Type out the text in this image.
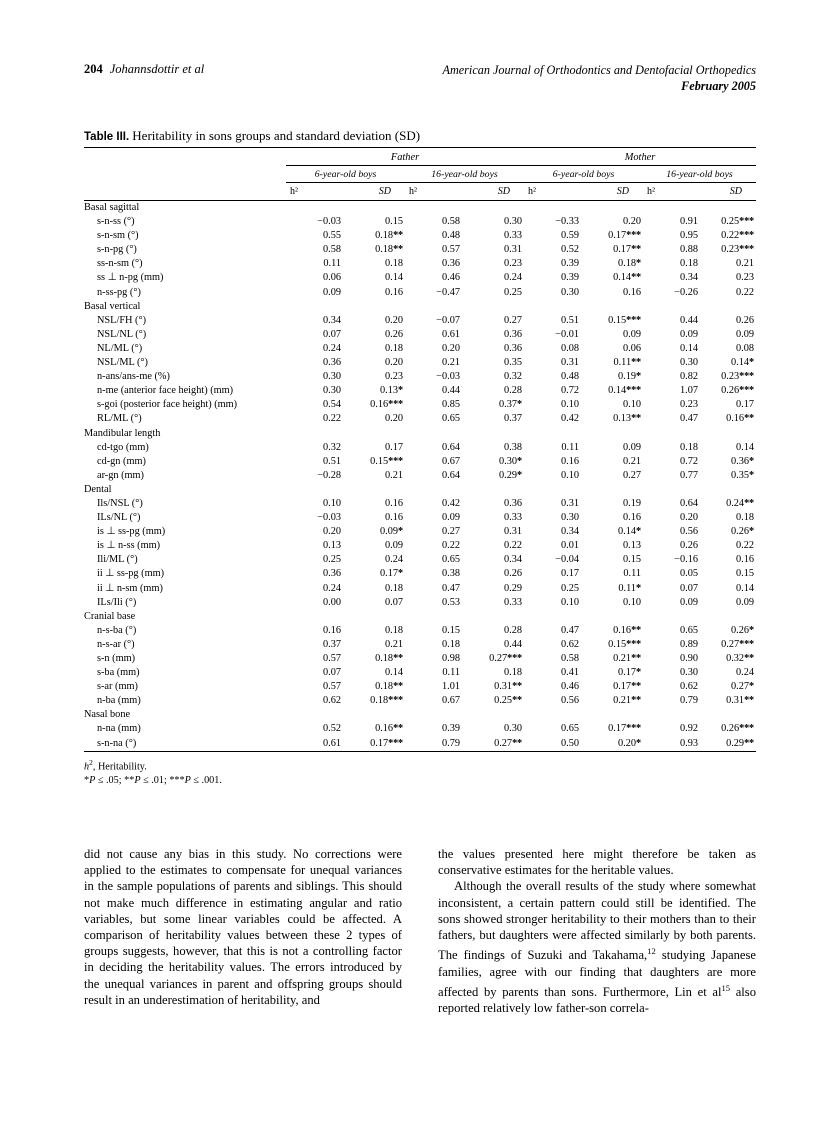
204 Johannsdottir et al	American Journal of Orthodontics and Dentofacial Orthopedics
February 2005
Table III. Heritability in sons groups and standard deviation (SD)

	Father				Mother			
	6-year-old boys		16-year-old boys		6-year-old boys		16-year-old boys	
	h²	SD	h²	SD	h²	SD	h²	SD

Basal sagittal								
s-n-ss (°)	−0.03	0.15	0.58	0.30	−0.33	0.20	0.91	0.25***
s-n-sm (°)	0.55	0.18**	0.48	0.33	0.59	0.17***	0.95	0.22***
s-n-pg (°)	0.58	0.18**	0.57	0.31	0.52	0.17**	0.88	0.23***
ss-n-sm (°)	0.11	0.18	0.36	0.23	0.39	0.18*	0.18	0.21
ss ⊥ n-pg (mm)	0.06	0.14	0.46	0.24	0.39	0.14**	0.34	0.23
n-ss-pg (°)	0.09	0.16	−0.47	0.25	0.30	0.16	−0.26	0.22
Basal vertical								
NSL/FH (°)	0.34	0.20	−0.07	0.27	0.51	0.15***	0.44	0.26
NSL/NL (°)	0.07	0.26	0.61	0.36	−0.01	0.09	0.09	0.09
NL/ML (°)	0.24	0.18	0.20	0.36	0.08	0.06	0.14	0.08
NSL/ML (°)	0.36	0.20	0.21	0.35	0.31	0.11**	0.30	0.14*
n-ans/ans-me (%)	0.30	0.23	−0.03	0.32	0.48	0.19*	0.82	0.23***
n-me (anterior face height) (mm)	0.30	0.13*	0.44	0.28	0.72	0.14***	1.07	0.26***
s-goi (posterior face height) (mm)	0.54	0.16***	0.85	0.37*	0.10	0.10	0.23	0.17
RL/ML (°)	0.22	0.20	0.65	0.37	0.42	0.13**	0.47	0.16**
Mandibular length								
cd-tgo (mm)	0.32	0.17	0.64	0.38	0.11	0.09	0.18	0.14
cd-gn (mm)	0.51	0.15***	0.67	0.30*	0.16	0.21	0.72	0.36*
ar-gn (mm)	−0.28	0.21	0.64	0.29*	0.10	0.27	0.77	0.35*
Dental								
Ils/NSL (°)	0.10	0.16	0.42	0.36	0.31	0.19	0.64	0.24**
ILs/NL (°)	−0.03	0.16	0.09	0.33	0.30	0.16	0.20	0.18
is ⊥ ss-pg (mm)	0.20	0.09*	0.27	0.31	0.34	0.14*	0.56	0.26*
is ⊥ n-ss (mm)	0.13	0.09	0.22	0.22	0.01	0.13	0.26	0.22
Ili/ML (°)	0.25	0.24	0.65	0.34	−0.04	0.15	−0.16	0.16
ii ⊥ ss-pg (mm)	0.36	0.17*	0.38	0.26	0.17	0.11	0.05	0.15
ii ⊥ n-sm (mm)	0.24	0.18	0.47	0.29	0.25	0.11*	0.07	0.14
ILs/Ili (°)	0.00	0.07	0.53	0.33	0.10	0.10	0.09	0.09
Cranial base								
n-s-ba (°)	0.16	0.18	0.15	0.28	0.47	0.16**	0.65	0.26*
n-s-ar (°)	0.37	0.21	0.18	0.44	0.62	0.15***	0.89	0.27***
s-n (mm)	0.57	0.18**	0.98	0.27***	0.58	0.21**	0.90	0.32**
s-ba (mm)	0.07	0.14	0.11	0.18	0.41	0.17*	0.30	0.24
s-ar (mm)	0.57	0.18**	1.01	0.31**	0.46	0.17**	0.62	0.27*
n-ba (mm)	0.62	0.18***	0.67	0.25**	0.56	0.21**	0.79	0.31**
Nasal bone								
n-na (mm)	0.52	0.16**	0.39	0.30	0.65	0.17***	0.92	0.26***
s-n-na (°)	0.61	0.17***	0.79	0.27**	0.50	0.20*	0.93	0.29**

$h^2$, Heritability.
*P ≤ .05; **P ≤ .01; ***P ≤ .001.

did not cause any bias in this study. No corrections were applied to the estimates to compensate for unequal variances in the sample populations of parents and siblings. This should not make much difference in estimating angular and ratio variables, but some linear variables could be affected. A comparison of heritability values between these 2 types of groups suggests, however, that this is not a controlling factor in deciding the heritability values. The errors introduced by the unequal variances in parent and offspring groups should result in an underestimation of heritability, and

the values presented here might therefore be taken as conservative estimates for the heritable values.

Although the overall results of the study where somewhat inconsistent, a certain pattern could still be identified. The sons showed stronger heritability to their mothers than to their fathers, but daughters were affected similarly by both parents. The findings of Suzuki and Takahama,$^{12}$ studying Japanese families, agree with our finding that daughters are more affected by parents than sons. Furthermore, Lin et $al^{15}$ also reported relatively low father-son correla-
